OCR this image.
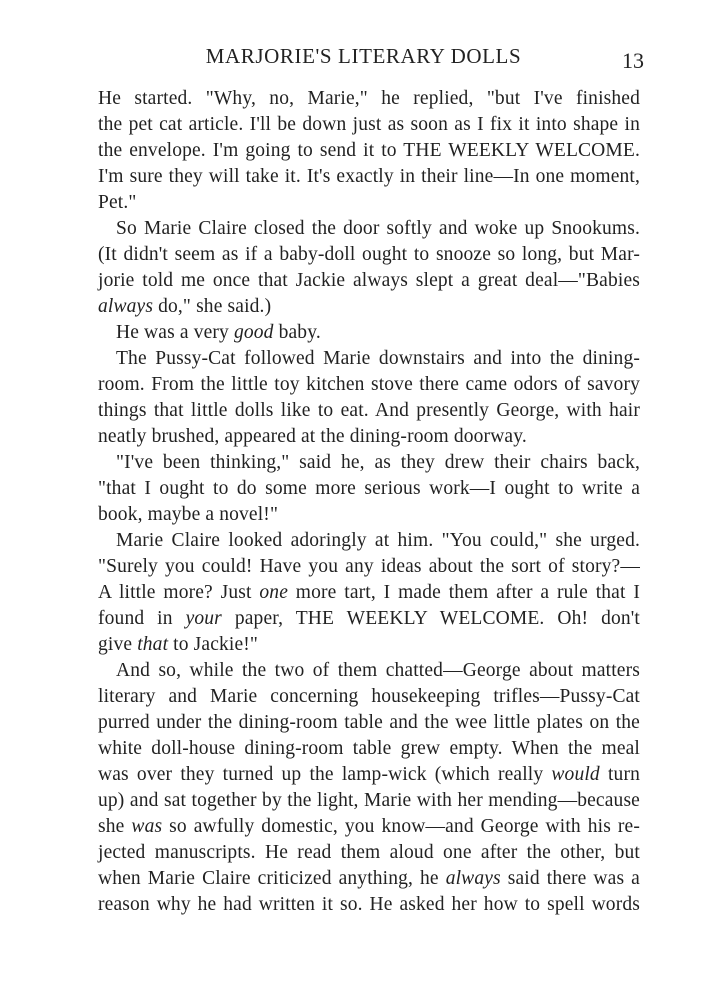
MARJORIE'S LITERARY DOLLS	13
He started. "Why, no, Marie," he replied, "but I've finished
the pet cat article. I'll be down just as soon as I fix it into shape in
the envelope. I'm going to send it to THE WEEKLY WELCOME.
I'm sure they will take it. It's exactly in their line—In one moment,
Pet."
So Marie Claire closed the door softly and woke up Snookums.
(It didn't seem as if a baby-doll ought to snooze so long, but Mar-
jorie told me once that Jackie always slept a great deal—"Babies
always do," she said.)
He was a very good baby.
The Pussy-Cat followed Marie downstairs and into the dining-
room. From the little toy kitchen stove there came odors of savory
things that little dolls like to eat. And presently George, with hair
neatly brushed, appeared at the dining-room doorway.
"I've been thinking," said he, as they drew their chairs back,
"that I ought to do some more serious work—I ought to write a
book, maybe a novel!"
Marie Claire looked adoringly at him. "You could," she urged.
"Surely you could! Have you any ideas about the sort of story?—
A little more? Just one more tart, I made them after a rule that I
found in your paper, THE WEEKLY WELCOME. Oh! don't
give that to Jackie!"
And so, while the two of them chatted—George about matters
literary and Marie concerning housekeeping trifles—Pussy-Cat
purred under the dining-room table and the wee little plates on the
white doll-house dining-room table grew empty. When the meal
was over they turned up the lamp-wick (which really would turn
up) and sat together by the light, Marie with her mending—because
she was so awfully domestic, you know—and George with his re-
jected manuscripts. He read them aloud one after the other, but
when Marie Claire criticized anything, he always said there was a
reason why he had written it so. He asked her how to spell words
